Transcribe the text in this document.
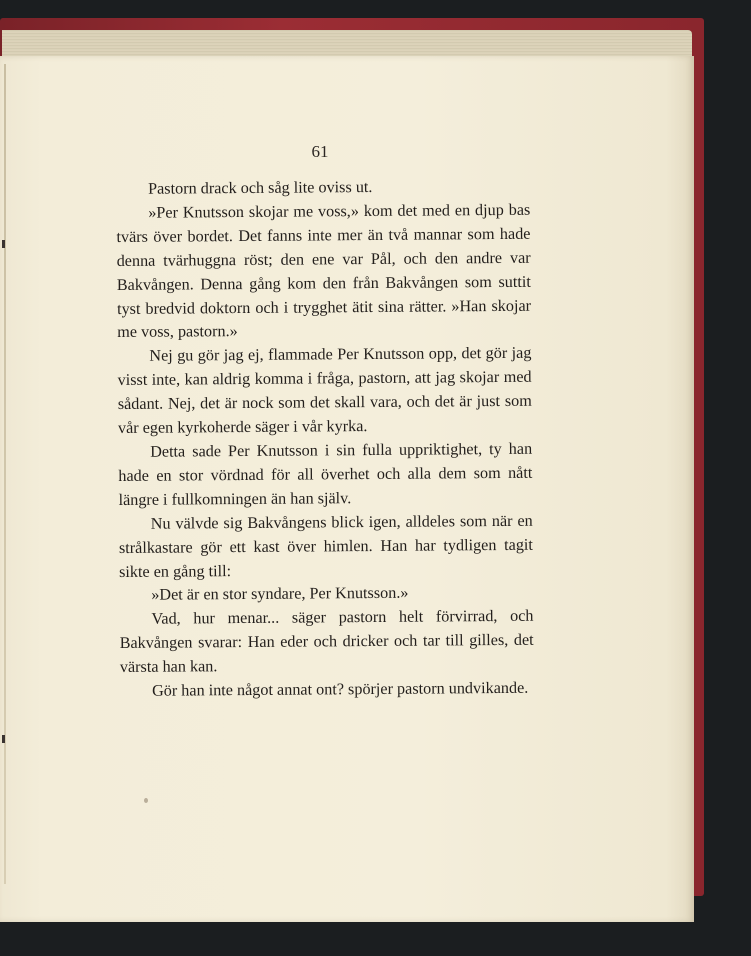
61

Pastorn drack och såg lite oviss ut.

»Per Knutsson skojar me voss,» kom det med en djup bas tvärs över bordet. Det fanns inte mer än två mannar som hade denna tvärhuggna röst; den ene var Pål, och den andre var Bakvången. Denna gång kom den från Bakvången som suttit tyst bredvid doktorn och i trygghet ätit sina rätter. »Han skojar me voss, pastorn.»

Nej gu gör jag ej, flammade Per Knutsson opp, det gör jag visst inte, kan aldrig komma i fråga, pastorn, att jag skojar med sådant. Nej, det är nock som det skall vara, och det är just som vår egen kyrkoherde säger i vår kyrka.

Detta sade Per Knutsson i sin fulla uppriktighet, ty han hade en stor vördnad för all överhet och alla dem som nått längre i fullkomningen än han själv.

Nu välvde sig Bakvångens blick igen, alldeles som när en strålkastare gör ett kast över himlen. Han har tydligen tagit sikte en gång till:

»Det är en stor syndare, Per Knutsson.»

Vad, hur menar... säger pastorn helt förvirrad, och Bakvången svarar: Han eder och dricker och tar till gilles, det värsta han kan.

Gör han inte något annat ont? spörjer pastorn undvikande.
